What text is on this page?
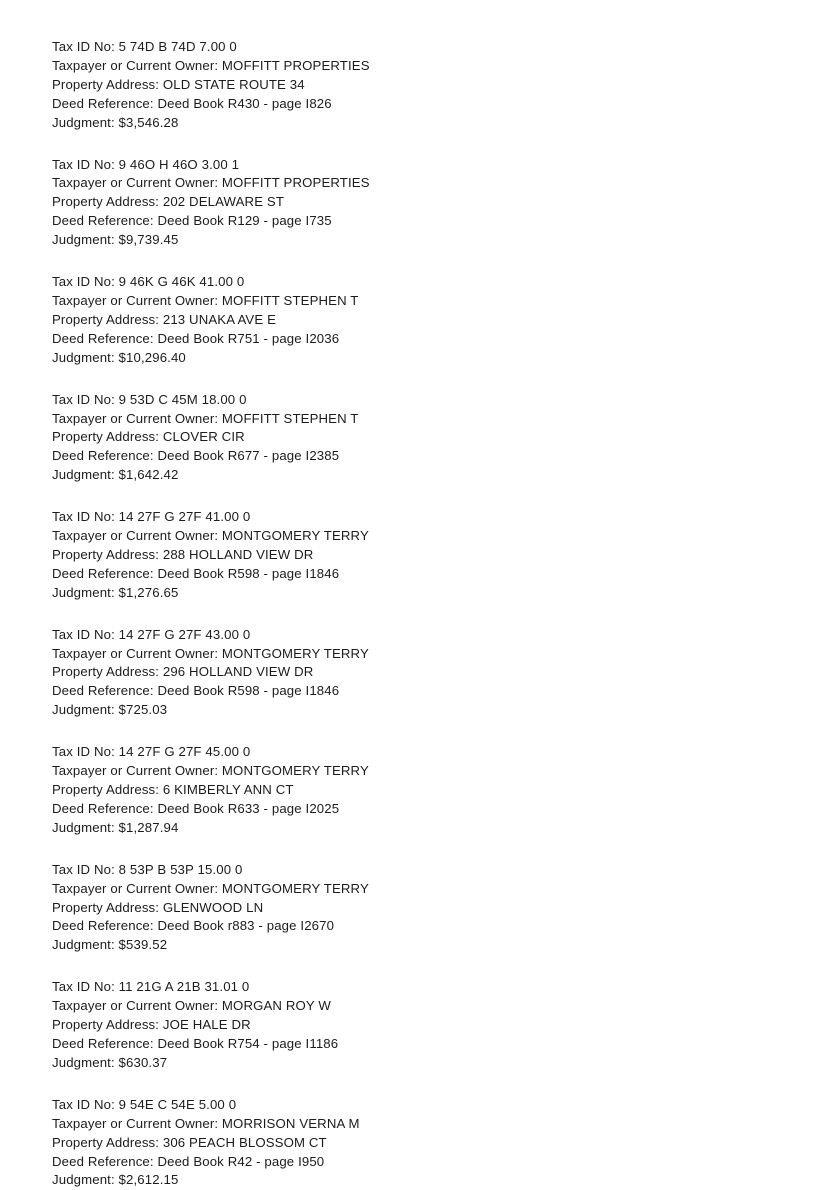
Tax ID No: 5 74D B 74D 7.00 0
Taxpayer or Current Owner: MOFFITT PROPERTIES
Property Address: OLD STATE ROUTE 34
Deed Reference: Deed Book R430 - page I826
Judgment: $3,546.28
Tax ID No: 9 46O H 46O 3.00 1
Taxpayer or Current Owner: MOFFITT PROPERTIES
Property Address: 202 DELAWARE ST
Deed Reference: Deed Book R129 - page I735
Judgment: $9,739.45
Tax ID No: 9 46K G 46K 41.00 0
Taxpayer or Current Owner: MOFFITT STEPHEN T
Property Address: 213 UNAKA AVE E
Deed Reference: Deed Book R751 - page I2036
Judgment: $10,296.40
Tax ID No: 9 53D C 45M 18.00 0
Taxpayer or Current Owner: MOFFITT STEPHEN T
Property Address: CLOVER CIR
Deed Reference: Deed Book R677 - page I2385
Judgment: $1,642.42
Tax ID No: 14 27F G 27F 41.00 0
Taxpayer or Current Owner: MONTGOMERY TERRY
Property Address: 288 HOLLAND VIEW DR
Deed Reference: Deed Book R598 - page I1846
Judgment: $1,276.65
Tax ID No: 14 27F G 27F 43.00 0
Taxpayer or Current Owner: MONTGOMERY TERRY
Property Address: 296 HOLLAND VIEW DR
Deed Reference: Deed Book R598 - page I1846
Judgment: $725.03
Tax ID No: 14 27F G 27F 45.00 0
Taxpayer or Current Owner: MONTGOMERY TERRY
Property Address: 6 KIMBERLY ANN CT
Deed Reference: Deed Book R633 - page I2025
Judgment: $1,287.94
Tax ID No: 8 53P B 53P 15.00 0
Taxpayer or Current Owner: MONTGOMERY TERRY
Property Address: GLENWOOD LN
Deed Reference: Deed Book r883 - page I2670
Judgment: $539.52
Tax ID No: 11 21G A 21B 31.01 0
Taxpayer or Current Owner: MORGAN ROY W
Property Address: JOE HALE DR
Deed Reference: Deed Book R754 - page I1186
Judgment: $630.37
Tax ID No: 9 54E C 54E 5.00 0
Taxpayer or Current Owner: MORRISON VERNA M
Property Address: 306 PEACH BLOSSOM CT
Deed Reference: Deed Book R42 - page I950
Judgment: $2,612.15
